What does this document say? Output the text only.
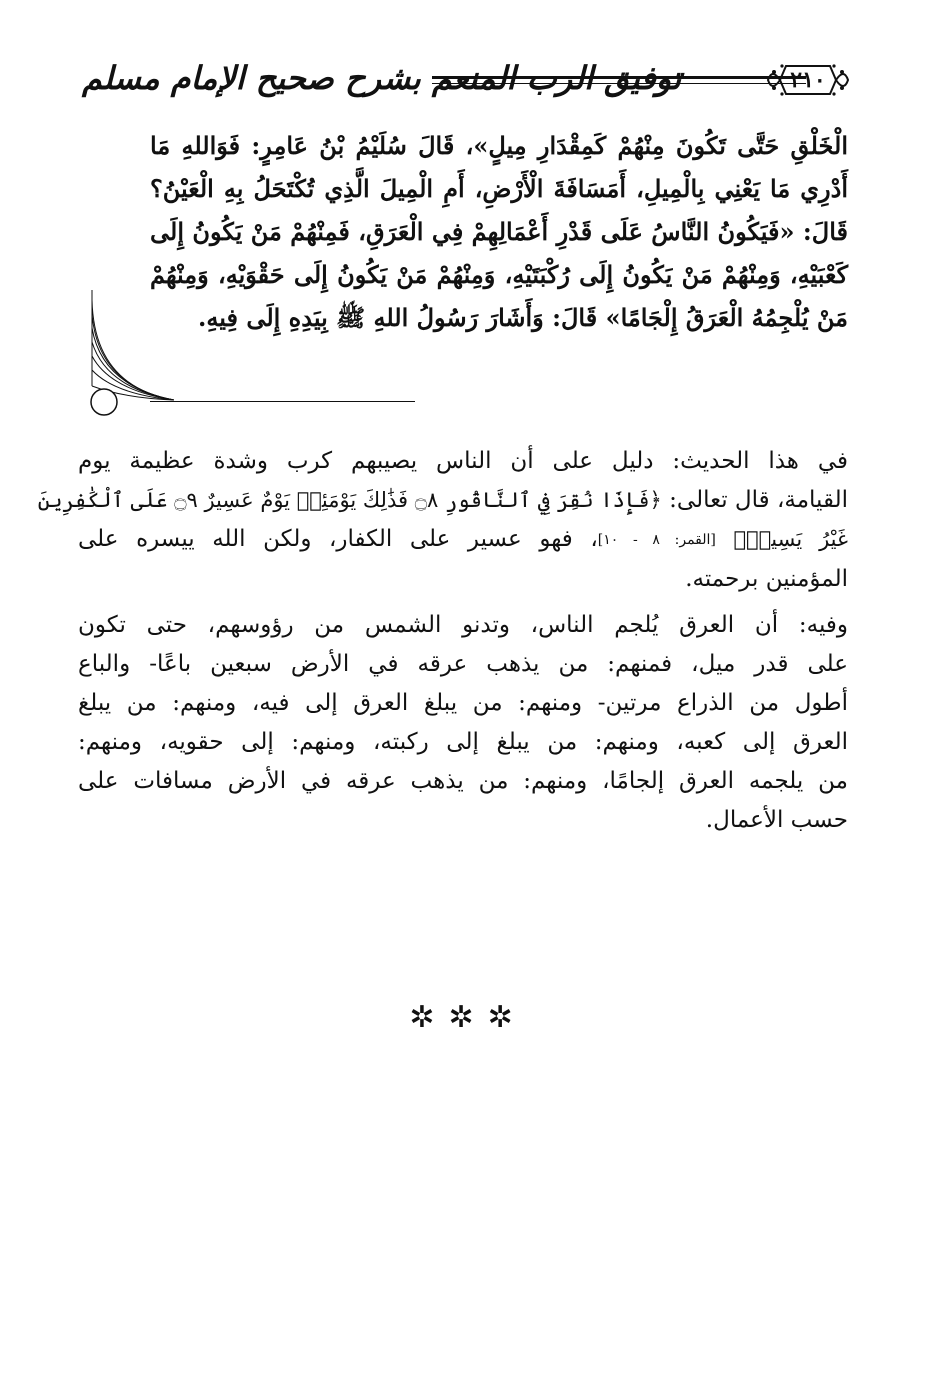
توفيق الرب المنعم بشرح صحيح الإمام مسلم	٢١٠
الْخَلْقِ حَتَّى تَكُونَ مِنْهُمْ كَمِقْدَارِ مِيلٍ»، قَالَ سُلَيْمُ بْنُ عَامِرٍ: فَوَاللهِ مَا
أَدْرِي مَا يَعْنِي بِالْمِيلِ، أَمَسَافَةَ الْأَرْضِ، أَمِ الْمِيلَ الَّذِي تُكْتَحَلُ بِهِ الْعَيْنُ؟
قَالَ: «فَيَكُونُ النَّاسُ عَلَى قَدْرِ أَعْمَالِهِمْ فِي الْعَرَقِ، فَمِنْهُمْ مَنْ يَكُونُ إِلَى
كَعْبَيْهِ، وَمِنْهُمْ مَنْ يَكُونُ إِلَى رُكْبَتَيْهِ، وَمِنْهُمْ مَنْ يَكُونُ إِلَى حَقْوَيْهِ، وَمِنْهُمْ
مَنْ يُلْجِمُهُ الْعَرَقُ إِلْجَامًا» قَالَ: وَأَشَارَ رَسُولُ اللهِ ﷺ بِيَدِهِ إِلَى فِيهِ.

في هذا الحديث: دليل على أن الناس يصيبهم كرب وشدة عظيمة يوم
القيامة، قال تعالى: ﴿فَإِذَا نُقِرَ فِي ٱلنَّاقُورِ ۝٨ فَذَٰلِكَ يَوْمَئِذٖ يَوْمٌ عَسِيرٌ ۝٩ عَلَى ٱلْكَٰفِرِينَ
غَيْرُ يَسِيرٖ﴾ [القمر: ٨ - ١٠]، فهو عسير على الكفار، ولكن الله ييسره على
المؤمنين برحمته.

وفيه: أن العرق يُلجم الناس، وتدنو الشمس من رؤوسهم، حتى تكون
على قدر ميل، فمنهم: من يذهب عرقه في الأرض سبعين باعًا- والباع
أطول من الذراع مرتين- ومنهم: من يبلغ العرق إلى فيه، ومنهم: من يبلغ
العرق إلى كعبه، ومنهم: من يبلغ إلى ركبته، ومنهم: إلى حقويه، ومنهم:
من يلجمه العرق إلجامًا، ومنهم: من يذهب عرقه في الأرض مسافات على
حسب الأعمال.

✲✲✲
